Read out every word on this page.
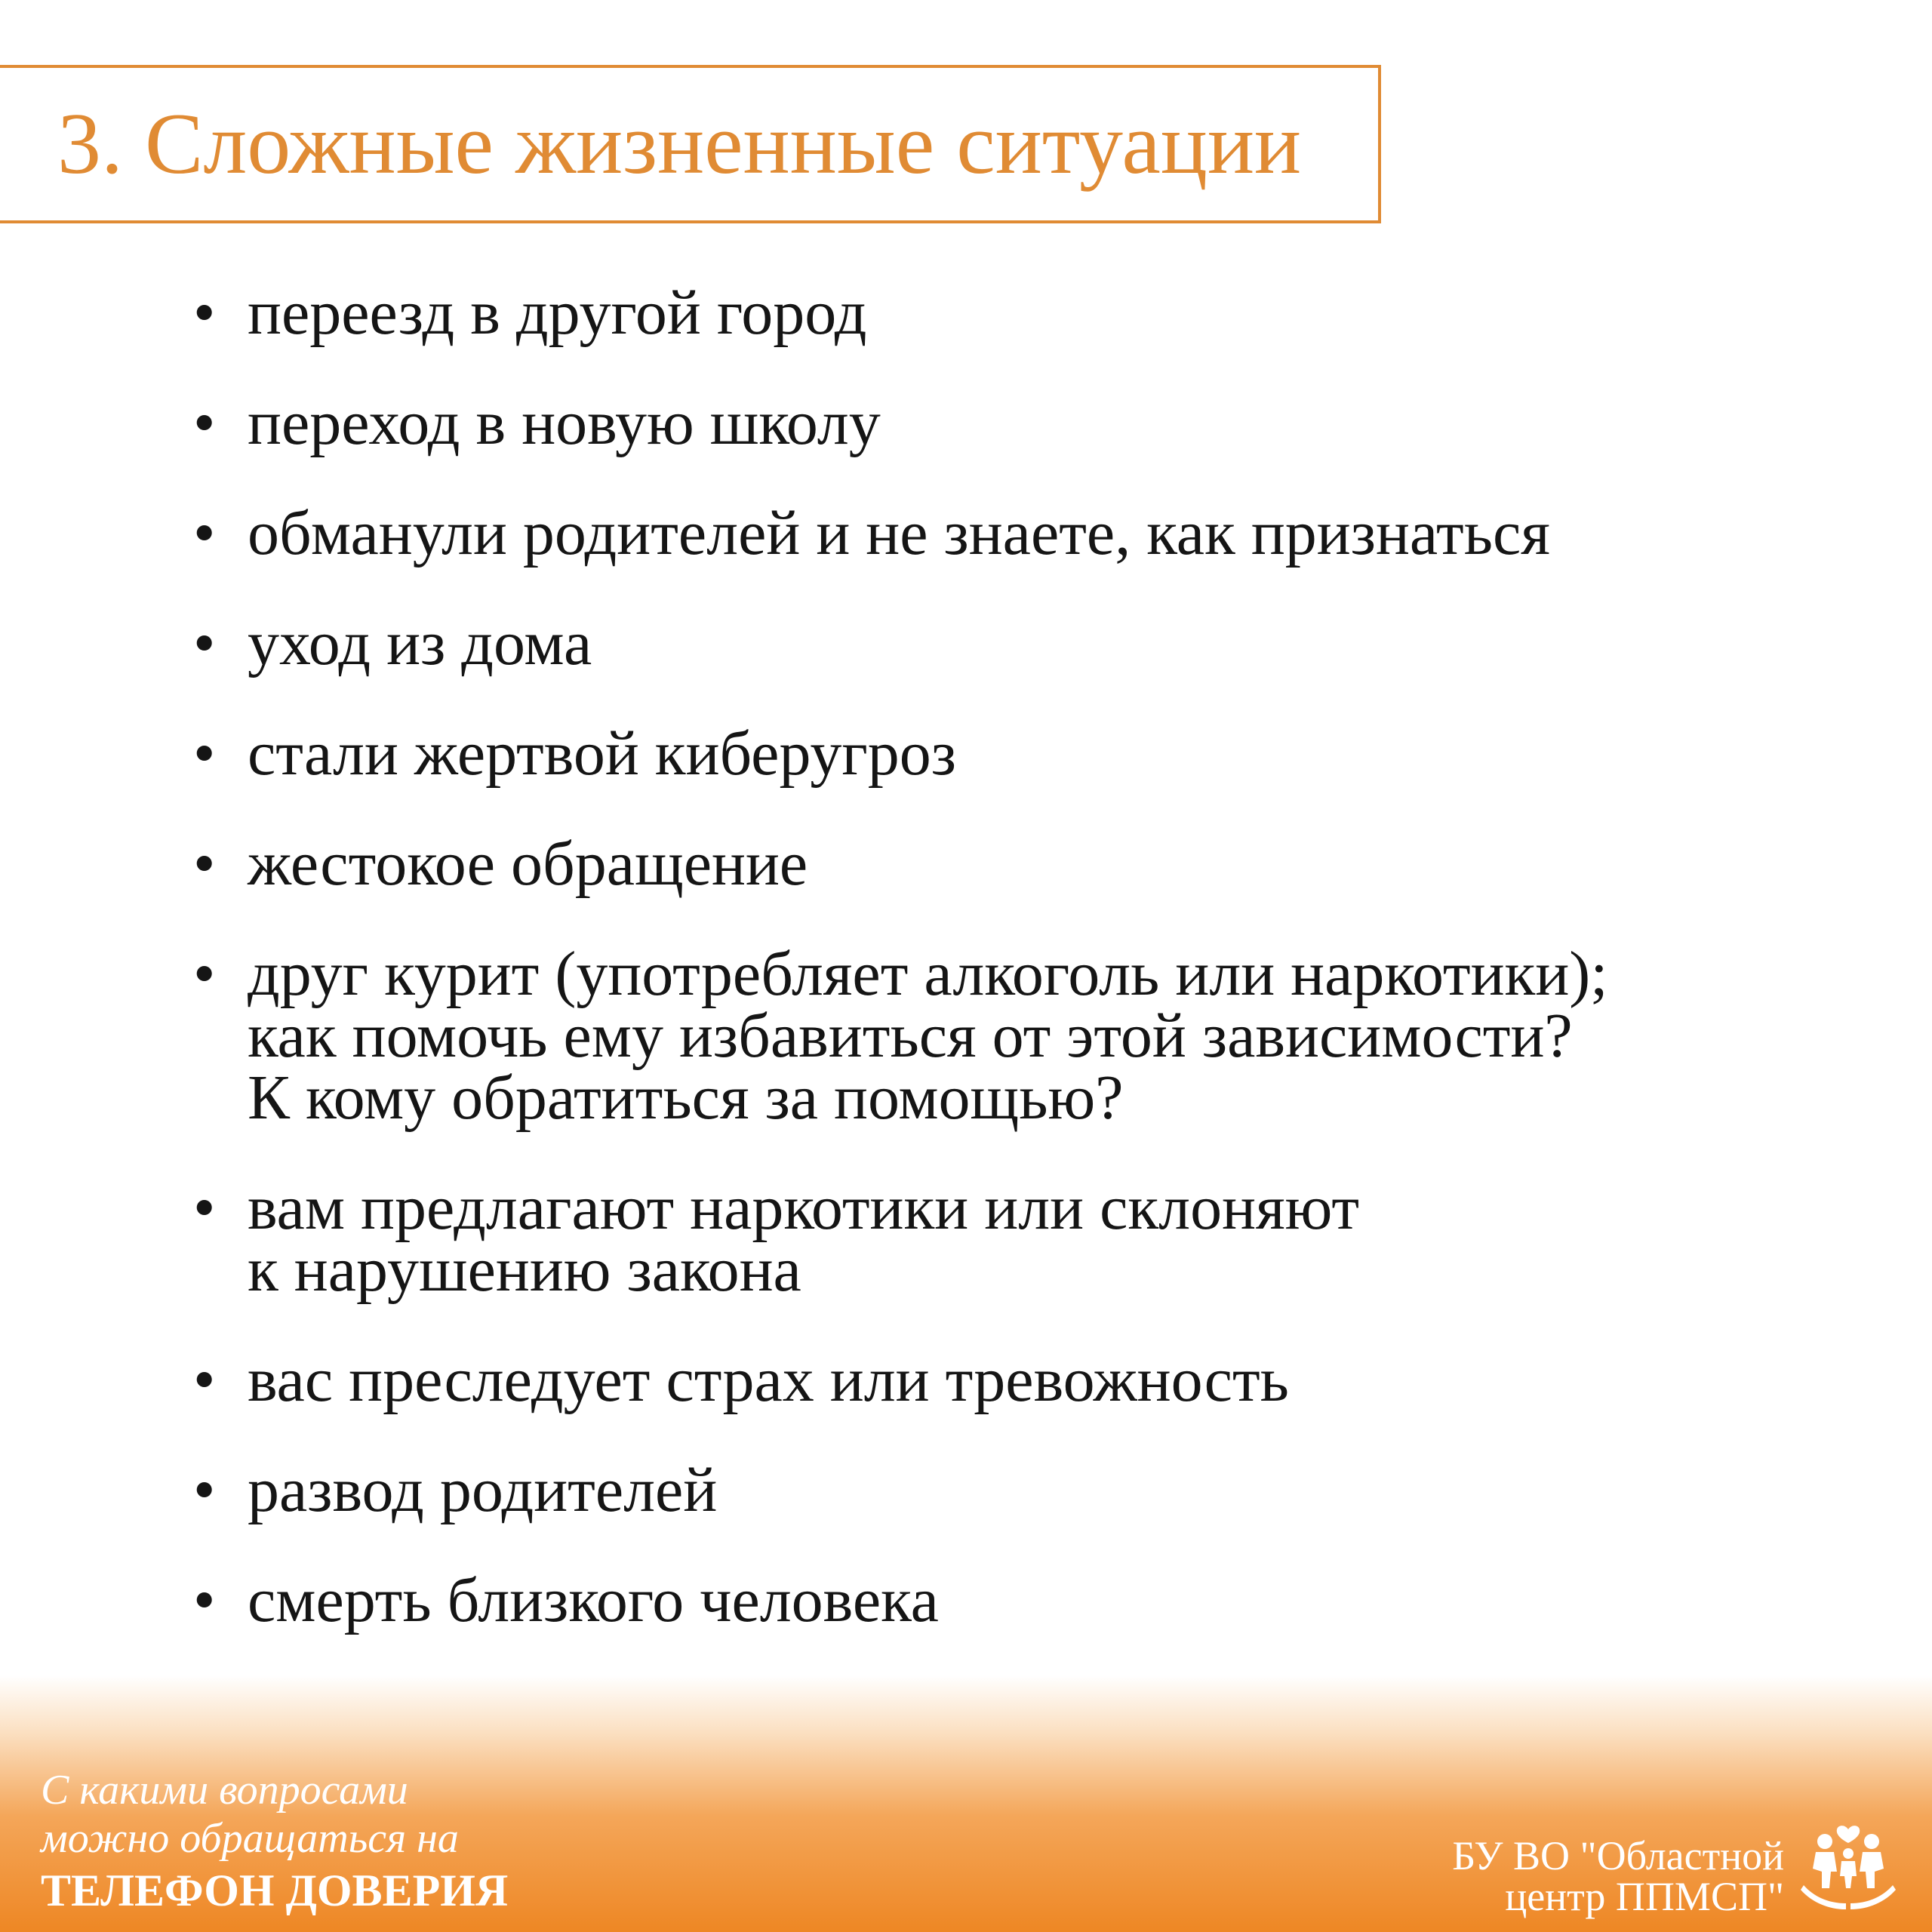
3. Сложные жизненные ситуации
• переезд в другой город
• переход в новую школу
• обманули родителей и не знаете, как признаться
• уход из дома
• стали жертвой киберугроз
• жестокое обращение
• друг курит (употребляет алкоголь или наркотики);
как помочь ему избавиться от этой зависимости?
К кому обратиться за помощью?
• вам предлагают наркотики или склоняют
к нарушению закона
• вас преследует страх или тревожность
• развод родителей
• смерть близкого человека
С какими вопросами
можно обращаться на
ТЕЛЕФОН ДОВЕРИЯ
БУ ВО "Областной
центр ППМСП"
